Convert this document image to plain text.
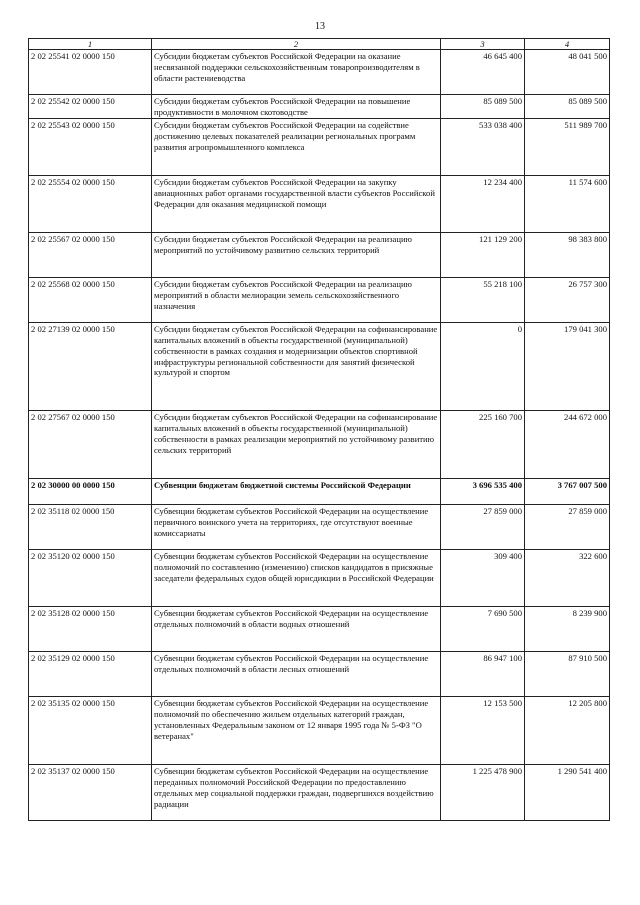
13
1	2	3	4
2 02 25541 02 0000 150	Субсидии бюджетам субъектов Российской Федерации на оказание несвязанной поддержки сельскохозяйственным товаропроизводителям в области растениеводства	46 645 400	48 041 500
2 02 25542 02 0000 150	Субсидии бюджетам субъектов Российской Федерации на повышение продуктивности в молочном скотоводстве	85 089 500	85 089 500
2 02 25543 02 0000 150	Субсидии бюджетам субъектов Российской Федерации на содействие достижению целевых показателей реализации региональных программ развития агропромышленного комплекса	533 038 400	511 989 700
2 02 25554 02 0000 150	Субсидии бюджетам субъектов Российской Федерации на закупку авиационных работ органами государственной власти субъектов Российской Федерации для оказания медицинской помощи	12 234 400	11 574 600
2 02 25567 02 0000 150	Субсидии бюджетам субъектов Российской Федерации на реализацию мероприятий по устойчивому развитию сельских территорий	121 129 200	98 383 800
2 02 25568 02 0000 150	Субсидии бюджетам субъектов Российской Федерации на реализацию мероприятий в области мелиорации земель сельскохозяйственного назначения	55 218 100	26 757 300
2 02 27139 02 0000 150	Субсидии бюджетам субъектов Российской Федерации на софинансирование капитальных вложений в объекты государственной (муниципальной) собственности в рамках создания и модернизации объектов спортивной инфраструктуры региональной собственности для занятий физической культурой и спортом	0	179 041 300
2 02 27567 02 0000 150	Субсидии бюджетам субъектов Российской Федерации на софинансирование капитальных вложений в объекты государственной (муниципальной) собственности в рамках реализации мероприятий по устойчивому развитию сельских территорий	225 160 700	244 672 000
2 02 30000 00 0000 150	Субвенции бюджетам бюджетной системы Российской Федерации	3 696 535 400	3 767 007 500
2 02 35118 02 0000 150	Субвенции бюджетам субъектов Российской Федерации на осуществление первичного воинского учета на территориях, где отсутствуют военные комиссариаты	27 859 000	27 859 000
2 02 35120 02 0000 150	Субвенции бюджетам субъектов Российской Федерации на осуществление полномочий по составлению (изменению) списков кандидатов в присяжные заседатели федеральных судов общей юрисдикции в Российской Федерации	309 400	322 600
2 02 35128 02 0000 150	Субвенции бюджетам субъектов Российской Федерации на осуществление отдельных полномочий в области водных отношений	7 690 500	8 239 900
2 02 35129 02 0000 150	Субвенции бюджетам субъектов Российской Федерации на осуществление отдельных полномочий в области лесных отношений	86 947 100	87 910 500
2 02 35135 02 0000 150	Субвенции бюджетам субъектов Российской Федерации на осуществление полномочий по обеспечению жильем отдельных категорий граждан, установленных Федеральным законом от 12 января 1995 года № 5-ФЗ "О ветеранах"	12 153 500	12 205 800
2 02 35137 02 0000 150	Субвенции бюджетам субъектов Российской Федерации на осуществление переданных полномочий Российской Федерации по предоставлению отдельных мер социальной поддержки граждан, подвергшихся воздействию радиации	1 225 478 900	1 290 541 400
